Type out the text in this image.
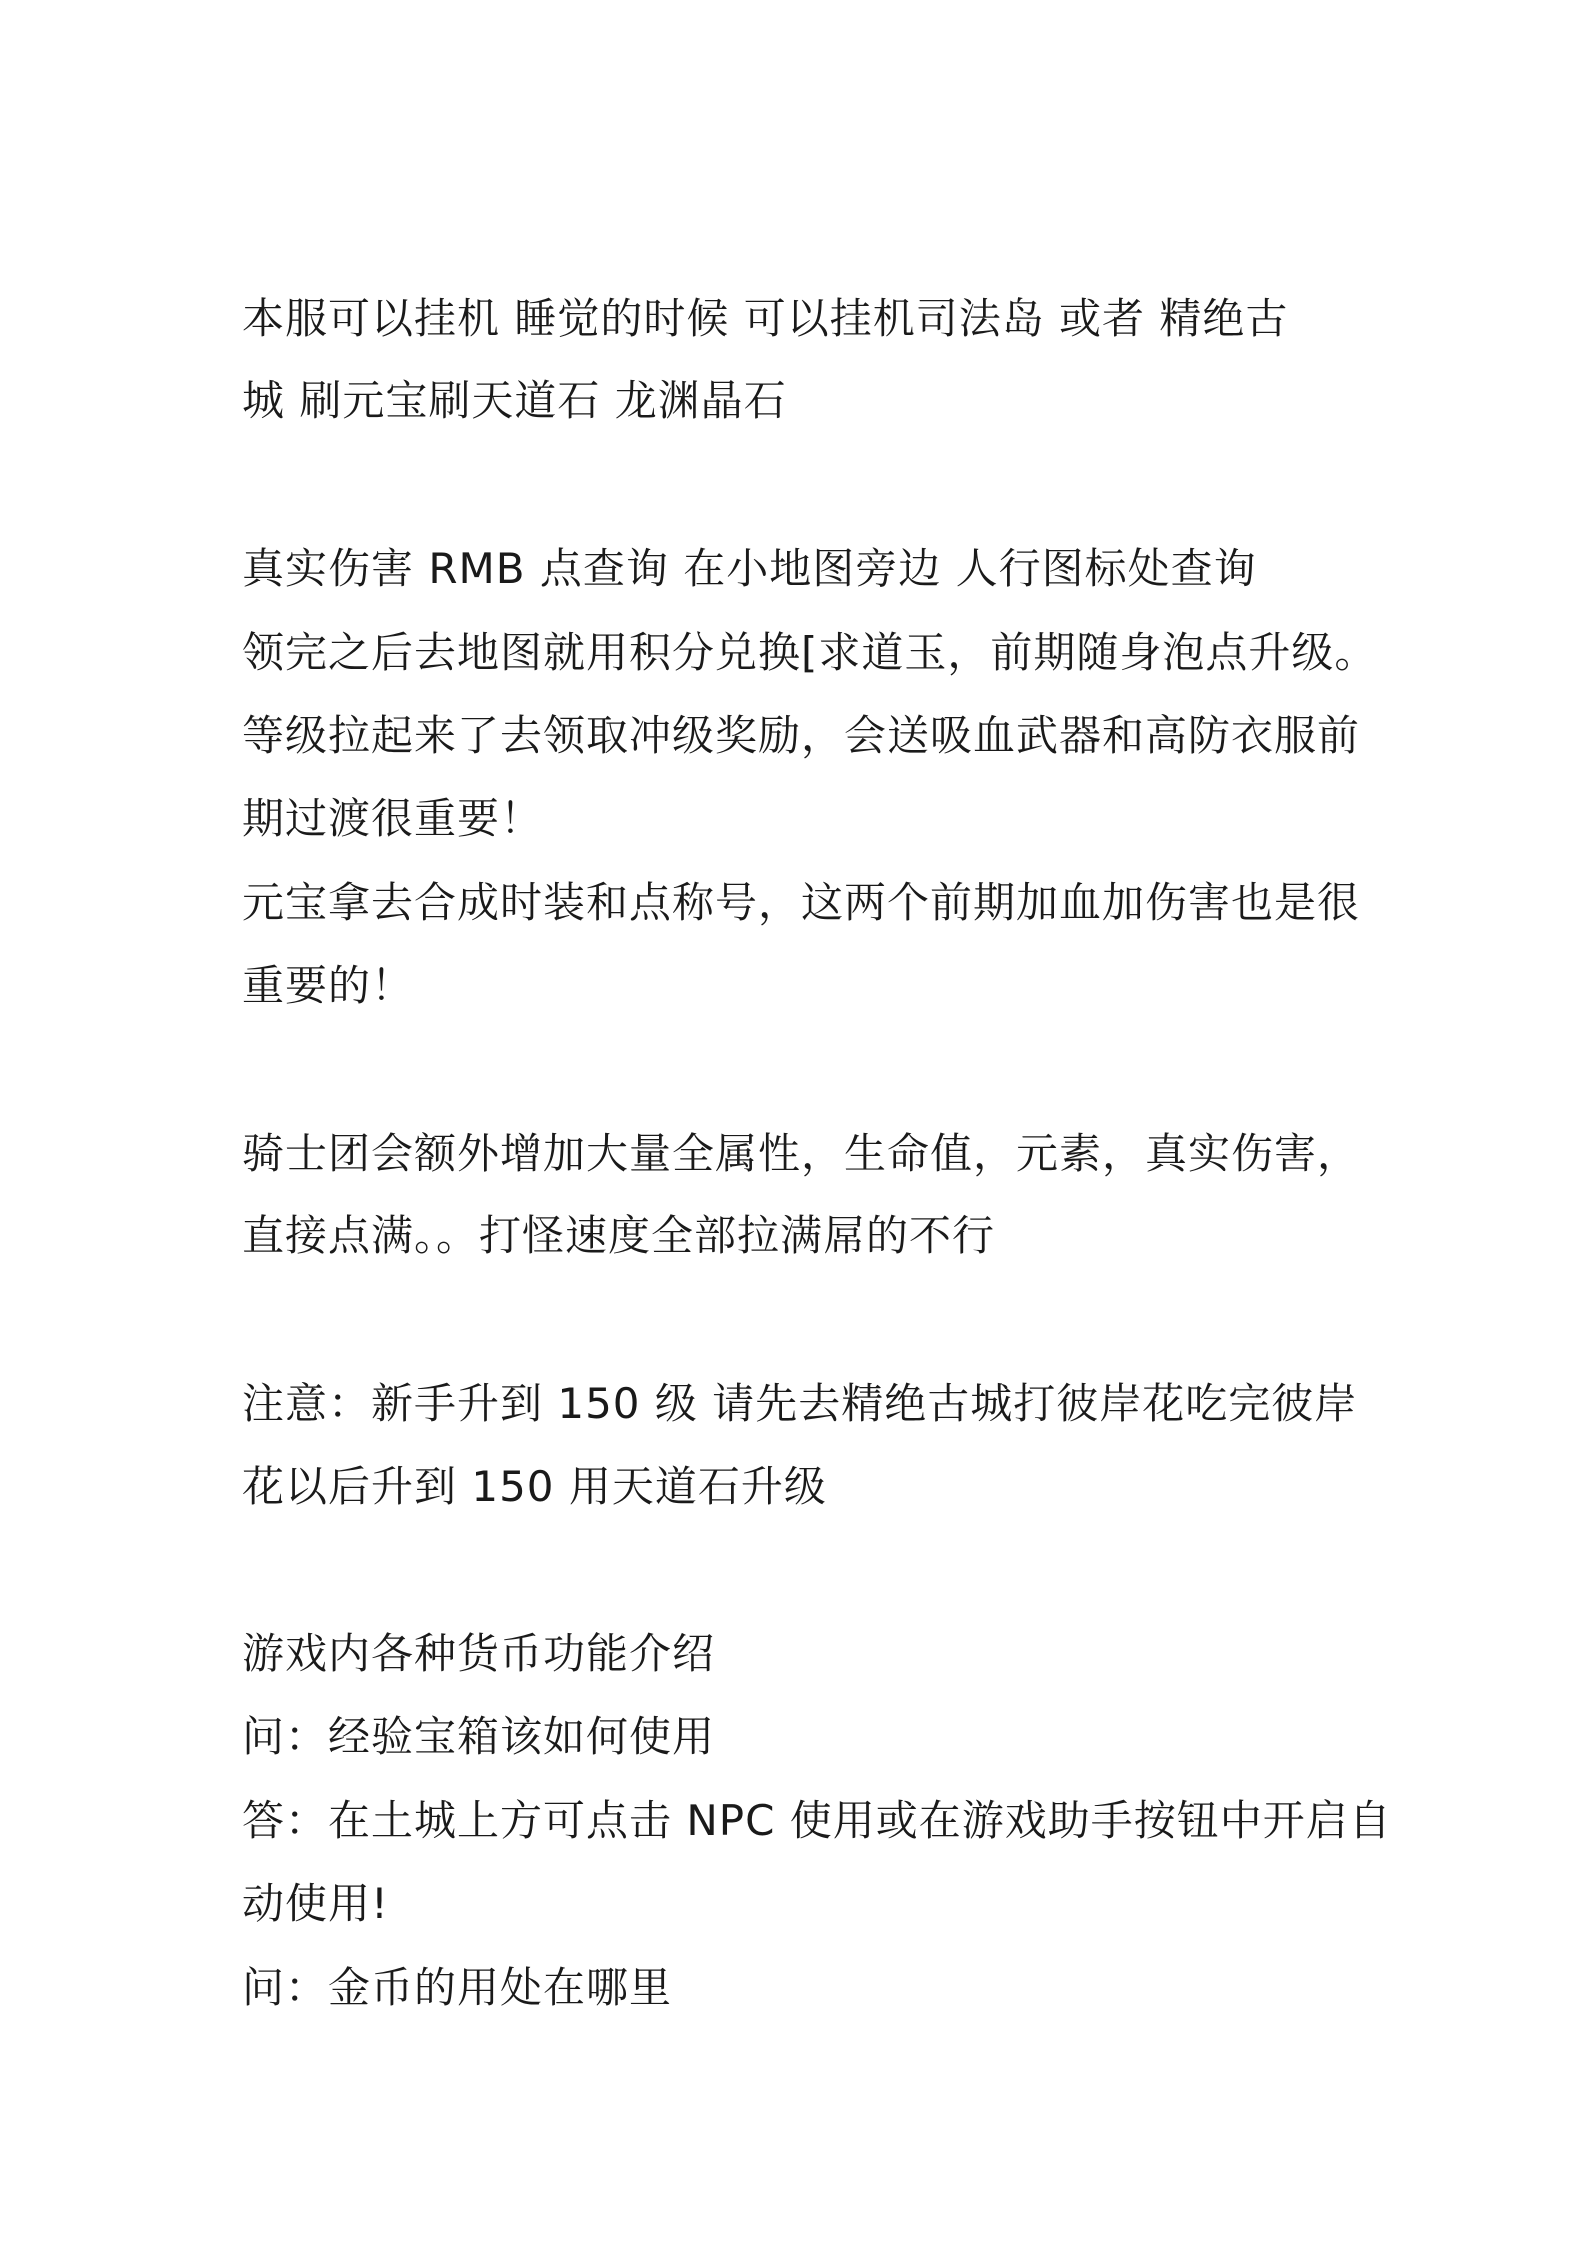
本服可以挂机 睡觉的时候 可以挂机司法岛 或者 精绝古
城 刷元宝刷天道石 龙渊晶石
真实伤害 RMB 点查询 在小地图旁边 人行图标处查询
领完之后去地图就用积分兑换[求道玉，前期随身泡点升级。
等级拉起来了去领取冲级奖励，会送吸血武器和高防衣服前
期过渡很重要！
元宝拿去合成时装和点称号，这两个前期加血加伤害也是很
重要的！
骑士团会额外增加大量全属性，生命值，元素，真实伤害，
直接点满。。打怪速度全部拉满屌的不行
注意：新手升到 150 级 请先去精绝古城打彼岸花吃完彼岸
花以后升到 150 用天道石升级
游戏内各种货币功能介绍
问：经验宝箱该如何使用
答：在土城上方可点击 NPC 使用或在游戏助手按钮中开启自
动使用!
问：金币的用处在哪里
